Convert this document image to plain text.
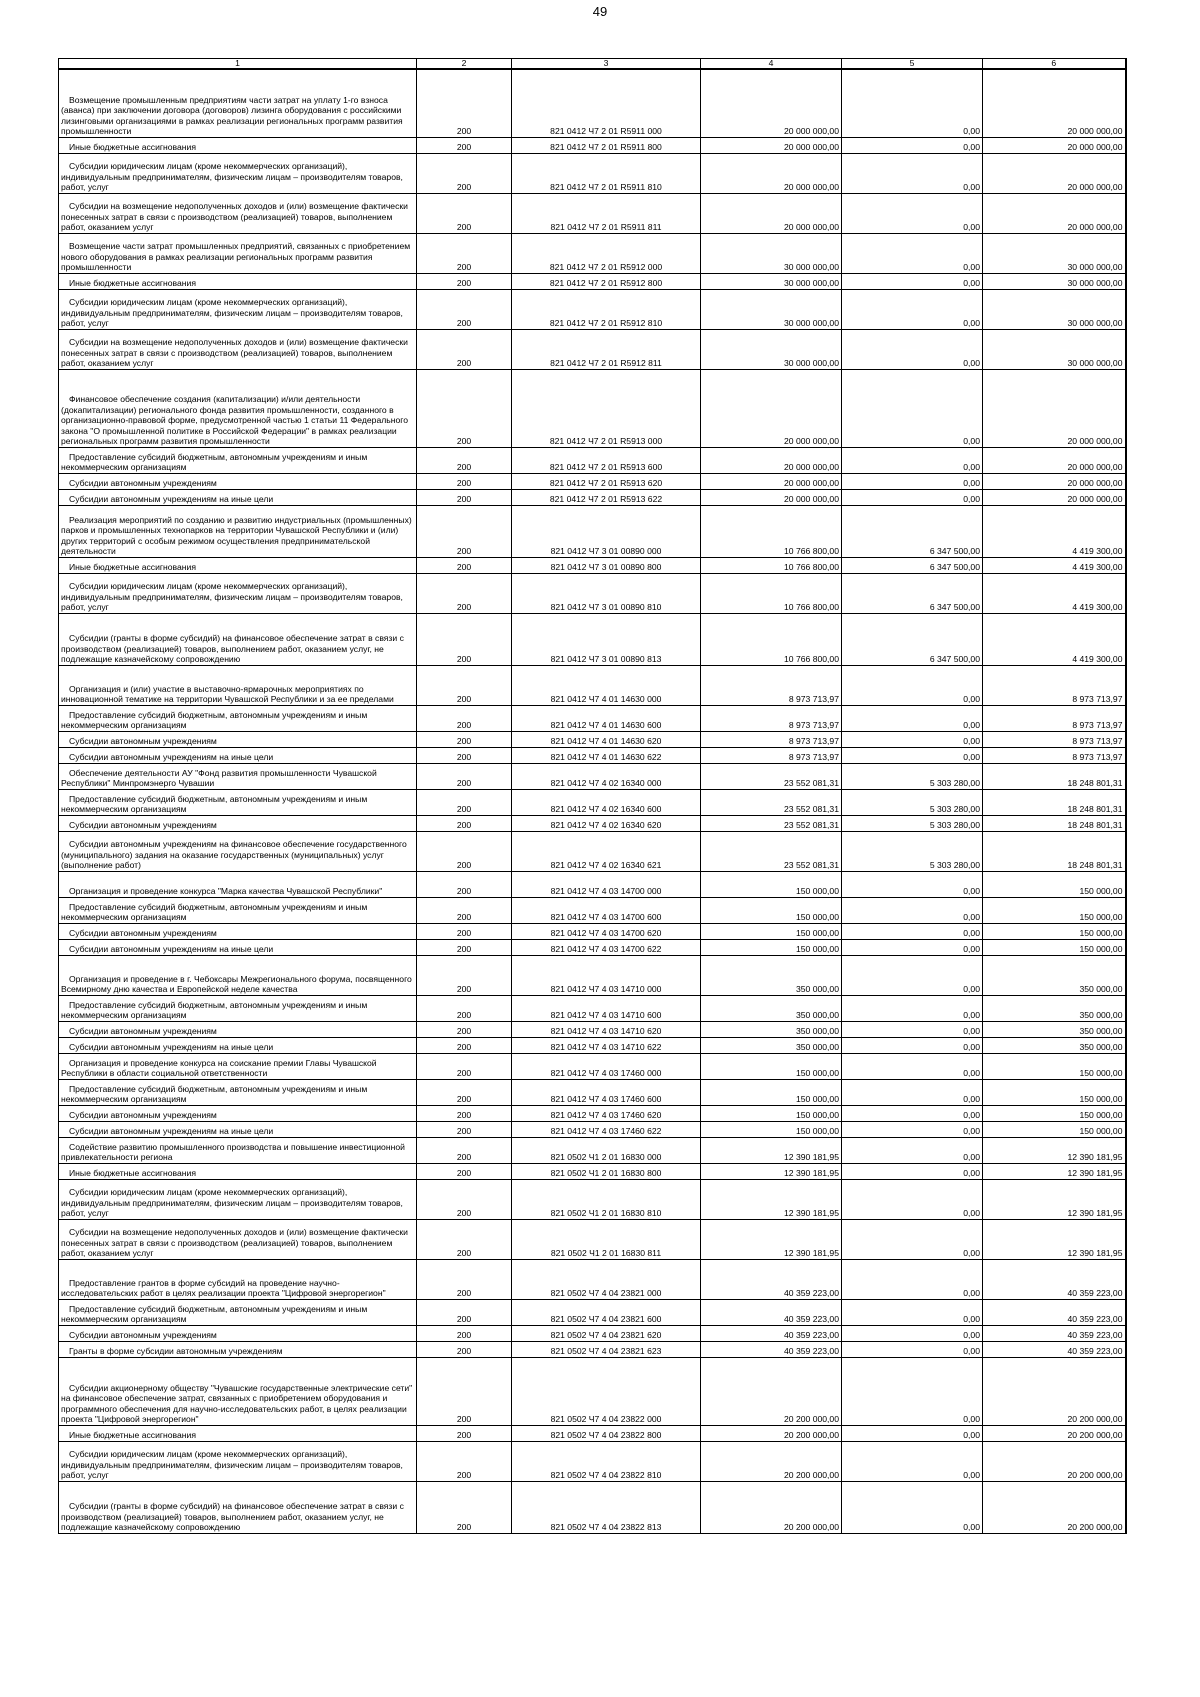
49
1	2	3	4	5	6

Возмещение промышленным предприятиям части затрат на уплату 1-го взноса (аванса) при заключении договора (договоров) лизинга оборудования с российскими лизинговыми организациями в рамках реализации региональных программ развития промышленности	200	821 0412 Ч7 2 01 R5911 000	20 000 000,00	0,00	20 000 000,00

Иные бюджетные ассигнования	200	821 0412 Ч7 2 01 R5911 800	20 000 000,00	0,00	20 000 000,00

Субсидии юридическим лицам (кроме некоммерческих организаций), индивидуальным предпринимателям, физическим лицам – производителям товаров, работ, услуг	200	821 0412 Ч7 2 01 R5911 810	20 000 000,00	0,00	20 000 000,00

Субсидии на возмещение недополученных доходов и (или) возмещение фактически понесенных затрат в связи с производством (реализацией) товаров, выполнением работ, оказанием услуг	200	821 0412 Ч7 2 01 R5911 811	20 000 000,00	0,00	20 000 000,00

Возмещение части затрат промышленных предприятий, связанных с приобретением нового оборудования в рамках реализации региональных программ развития промышленности	200	821 0412 Ч7 2 01 R5912 000	30 000 000,00	0,00	30 000 000,00

Иные бюджетные ассигнования	200	821 0412 Ч7 2 01 R5912 800	30 000 000,00	0,00	30 000 000,00

Субсидии юридическим лицам (кроме некоммерческих организаций), индивидуальным предпринимателям, физическим лицам – производителям товаров, работ, услуг	200	821 0412 Ч7 2 01 R5912 810	30 000 000,00	0,00	30 000 000,00

Субсидии на возмещение недополученных доходов и (или) возмещение фактически понесенных затрат в связи с производством (реализацией) товаров, выполнением работ, оказанием услуг	200	821 0412 Ч7 2 01 R5912 811	30 000 000,00	0,00	30 000 000,00

Финансовое обеспечение создания (капитализации) и/или деятельности (докапитализации) регионального фонда развития промышленности, созданного в организационно-правовой форме, предусмотренной частью 1 статьи 11 Федерального закона "О промышленной политике в Российской Федерации" в рамках реализации региональных программ развития промышленности	200	821 0412 Ч7 2 01 R5913 000	20 000 000,00	0,00	20 000 000,00

Предоставление субсидий бюджетным, автономным учреждениям и иным некоммерческим организациям	200	821 0412 Ч7 2 01 R5913 600	20 000 000,00	0,00	20 000 000,00

Субсидии автономным учреждениям	200	821 0412 Ч7 2 01 R5913 620	20 000 000,00	0,00	20 000 000,00

Субсидии автономным учреждениям на иные цели	200	821 0412 Ч7 2 01 R5913 622	20 000 000,00	0,00	20 000 000,00

Реализация мероприятий по созданию и развитию индустриальных (промышленных) парков и промышленных технопарков на территории Чувашской Республики и (или) других территорий с особым режимом осуществления предпринимательской деятельности	200	821 0412 Ч7 3 01 00890 000	10 766 800,00	6 347 500,00	4 419 300,00

Иные бюджетные ассигнования	200	821 0412 Ч7 3 01 00890 800	10 766 800,00	6 347 500,00	4 419 300,00

Субсидии юридическим лицам (кроме некоммерческих организаций), индивидуальным предпринимателям, физическим лицам – производителям товаров, работ, услуг	200	821 0412 Ч7 3 01 00890 810	10 766 800,00	6 347 500,00	4 419 300,00

Субсидии (гранты в форме субсидий) на финансовое обеспечение затрат в связи с производством (реализацией) товаров, выполнением работ, оказанием услуг, не подлежащие казначейскому сопровождению	200	821 0412 Ч7 3 01 00890 813	10 766 800,00	6 347 500,00	4 419 300,00

Организация и (или) участие в выставочно-ярмарочных мероприятиях по инновационной тематике на территории Чувашской Республики и за ее пределами	200	821 0412 Ч7 4 01 14630 000	8 973 713,97	0,00	8 973 713,97

Предоставление субсидий бюджетным, автономным учреждениям и иным некоммерческим организациям	200	821 0412 Ч7 4 01 14630 600	8 973 713,97	0,00	8 973 713,97

Субсидии автономным учреждениям	200	821 0412 Ч7 4 01 14630 620	8 973 713,97	0,00	8 973 713,97

Субсидии автономным учреждениям на иные цели	200	821 0412 Ч7 4 01 14630 622	8 973 713,97	0,00	8 973 713,97

Обеспечение деятельности АУ "Фонд развития промышленности Чувашской Республики" Минпромэнерго Чувашии	200	821 0412 Ч7 4 02 16340 000	23 552 081,31	5 303 280,00	18 248 801,31

Предоставление субсидий бюджетным, автономным учреждениям и иным некоммерческим организациям	200	821 0412 Ч7 4 02 16340 600	23 552 081,31	5 303 280,00	18 248 801,31

Субсидии автономным учреждениям	200	821 0412 Ч7 4 02 16340 620	23 552 081,31	5 303 280,00	18 248 801,31

Субсидии автономным учреждениям на финансовое обеспечение государственного (муниципального) задания на оказание государственных (муниципальных) услуг (выполнение работ)	200	821 0412 Ч7 4 02 16340 621	23 552 081,31	5 303 280,00	18 248 801,31

Организация и проведение конкурса "Марка качества Чувашской Республики"	200	821 0412 Ч7 4 03 14700 000	150 000,00	0,00	150 000,00

Предоставление субсидий бюджетным, автономным учреждениям и иным некоммерческим организациям	200	821 0412 Ч7 4 03 14700 600	150 000,00	0,00	150 000,00

Субсидии автономным учреждениям	200	821 0412 Ч7 4 03 14700 620	150 000,00	0,00	150 000,00

Субсидии автономным учреждениям на иные цели	200	821 0412 Ч7 4 03 14700 622	150 000,00	0,00	150 000,00

Организация и проведение в г. Чебоксары Межрегионального форума, посвященного Всемирному дню качества и Европейской неделе качества	200	821 0412 Ч7 4 03 14710 000	350 000,00	0,00	350 000,00

Предоставление субсидий бюджетным, автономным учреждениям и иным некоммерческим организациям	200	821 0412 Ч7 4 03 14710 600	350 000,00	0,00	350 000,00

Субсидии автономным учреждениям	200	821 0412 Ч7 4 03 14710 620	350 000,00	0,00	350 000,00

Субсидии автономным учреждениям на иные цели	200	821 0412 Ч7 4 03 14710 622	350 000,00	0,00	350 000,00

Организация и проведение конкурса на соискание премии Главы Чувашской Республики в области социальной ответственности	200	821 0412 Ч7 4 03 17460 000	150 000,00	0,00	150 000,00

Предоставление субсидий бюджетным, автономным учреждениям и иным некоммерческим организациям	200	821 0412 Ч7 4 03 17460 600	150 000,00	0,00	150 000,00

Субсидии автономным учреждениям	200	821 0412 Ч7 4 03 17460 620	150 000,00	0,00	150 000,00

Субсидии автономным учреждениям на иные цели	200	821 0412 Ч7 4 03 17460 622	150 000,00	0,00	150 000,00

Содействие развитию промышленного производства и повышение инвестиционной привлекательности региона	200	821 0502 Ч1 2 01 16830 000	12 390 181,95	0,00	12 390 181,95

Иные бюджетные ассигнования	200	821 0502 Ч1 2 01 16830 800	12 390 181,95	0,00	12 390 181,95

Субсидии юридическим лицам (кроме некоммерческих организаций), индивидуальным предпринимателям, физическим лицам – производителям товаров, работ, услуг	200	821 0502 Ч1 2 01 16830 810	12 390 181,95	0,00	12 390 181,95

Субсидии на возмещение недополученных доходов и (или) возмещение фактически понесенных затрат в связи с производством (реализацией) товаров, выполнением работ, оказанием услуг	200	821 0502 Ч1 2 01 16830 811	12 390 181,95	0,00	12 390 181,95

Предоставление грантов в форме субсидий на проведение научно-исследовательских работ в целях реализации проекта "Цифровой энергорегион"	200	821 0502 Ч7 4 04 23821 000	40 359 223,00	0,00	40 359 223,00

Предоставление субсидий бюджетным, автономным учреждениям и иным некоммерческим организациям	200	821 0502 Ч7 4 04 23821 600	40 359 223,00	0,00	40 359 223,00

Субсидии автономным учреждениям	200	821 0502 Ч7 4 04 23821 620	40 359 223,00	0,00	40 359 223,00

Гранты в форме субсидии автономным учреждениям	200	821 0502 Ч7 4 04 23821 623	40 359 223,00	0,00	40 359 223,00

Субсидии акционерному обществу "Чувашские государственные электрические сети" на финансовое обеспечение затрат, связанных с приобретением оборудования и программного обеспечения для научно-исследовательских работ, в целях реализации проекта "Цифровой энергорегион"	200	821 0502 Ч7 4 04 23822 000	20 200 000,00	0,00	20 200 000,00

Иные бюджетные ассигнования	200	821 0502 Ч7 4 04 23822 800	20 200 000,00	0,00	20 200 000,00

Субсидии юридическим лицам (кроме некоммерческих организаций), индивидуальным предпринимателям, физическим лицам – производителям товаров, работ, услуг	200	821 0502 Ч7 4 04 23822 810	20 200 000,00	0,00	20 200 000,00

Субсидии (гранты в форме субсидий) на финансовое обеспечение затрат в связи с производством (реализацией) товаров, выполнением работ, оказанием услуг, не подлежащие казначейскому сопровождению	200	821 0502 Ч7 4 04 23822 813	20 200 000,00	0,00	20 200 000,00
